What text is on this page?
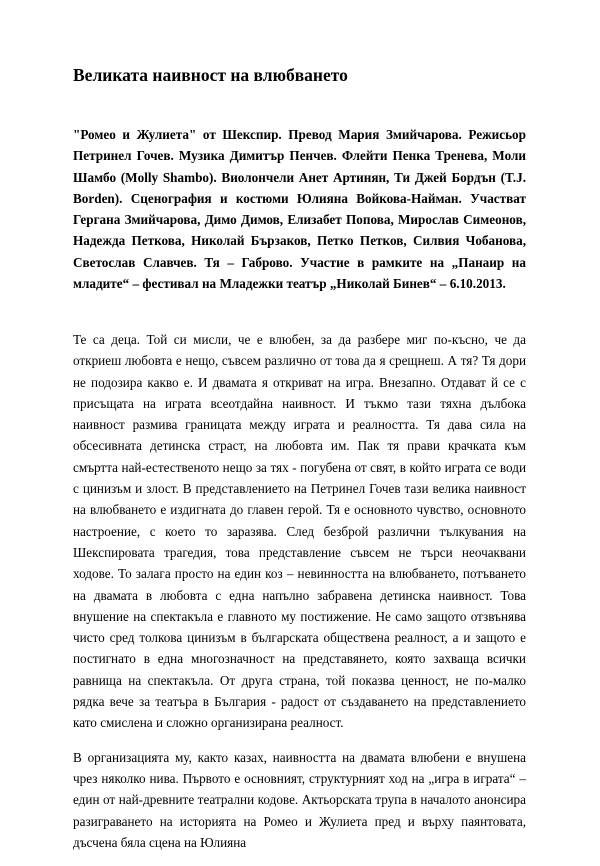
Великата наивност на влюбването

"Ромео и Жулиета" от Шекспир. Превод Мария Змийчарова. Режисьор Петринел Гочев. Музика Димитър Пенчев. Флейти Пенка Тренева, Моли Шамбо (Molly Shambo). Виолончели Анет Артинян, Ти Джей Бордън (T.J. Borden). Сценография и костюми Юлияна Войкова-Найман. Участват Гергана Змийчарова, Димо Димов, Елизабет Попова, Мирослав Симеонов, Надежда Петкова, Николай Бързаков, Петко Петков, Силвия Чобанова, Светослав Славчев. Тя – Габрово. Участие в рамките на „Панаир на младите“ – фестивал на Младежки театър „Николай Бинев“ – 6.10.2013.

Те са деца. Той си мисли, че е влюбен, за да разбере миг по-късно, че да откриеш любовта е нещо, съвсем различно от това да я срещнеш. А тя? Тя дори не подозира какво е. И двамата я откриват на игра. Внезапно. Отдават й се с присъщата на играта всеотдайна наивност. И тъкмо тази тяхна дълбока наивност размива границата между играта и реалността. Тя дава сила на обсесивната детинска страст, на любовта им. Пак тя прави крачката към смъртта най-естественото нещо за тях - погубена от свят, в който играта се води с цинизъм и злост. В представлението на Петринел Гочев тази велика наивност на влюбването е издигната до главен герой. Тя е основното чувство, основното настроение, с което то заразява. След безброй различни тълкувания на Шекспировата трагедия, това представление съвсем не търси неочаквани ходове. То залага просто на един коз – невинността на влюбването, потъването на двамата в любовта с една напълно забравена детинска наивност. Това внушение на спектакъла е главното му постижение. Не само защото отзвънява чисто сред толкова цинизъм в българската обществена реалност, а и защото е постигнато в една многозначност на представянето, която захваща всички равнища на спектакъла. От друга страна, той показва ценност, не по-малко рядка вече за театъра в България - радост от създаването на представлението като смислена и сложно организирана реалност.

В организацията му, както казах, наивността на двамата влюбени е внушена чрез няколко нива. Първото е основният, структурният ход на „игра в играта“ – един от най-древните театрални кодове. Актьорската трупа в началото анонсира разиграването на историята на Ромео и Жулиета пред и върху паянтовата, дъсчена бяла сцена на Юлияна
